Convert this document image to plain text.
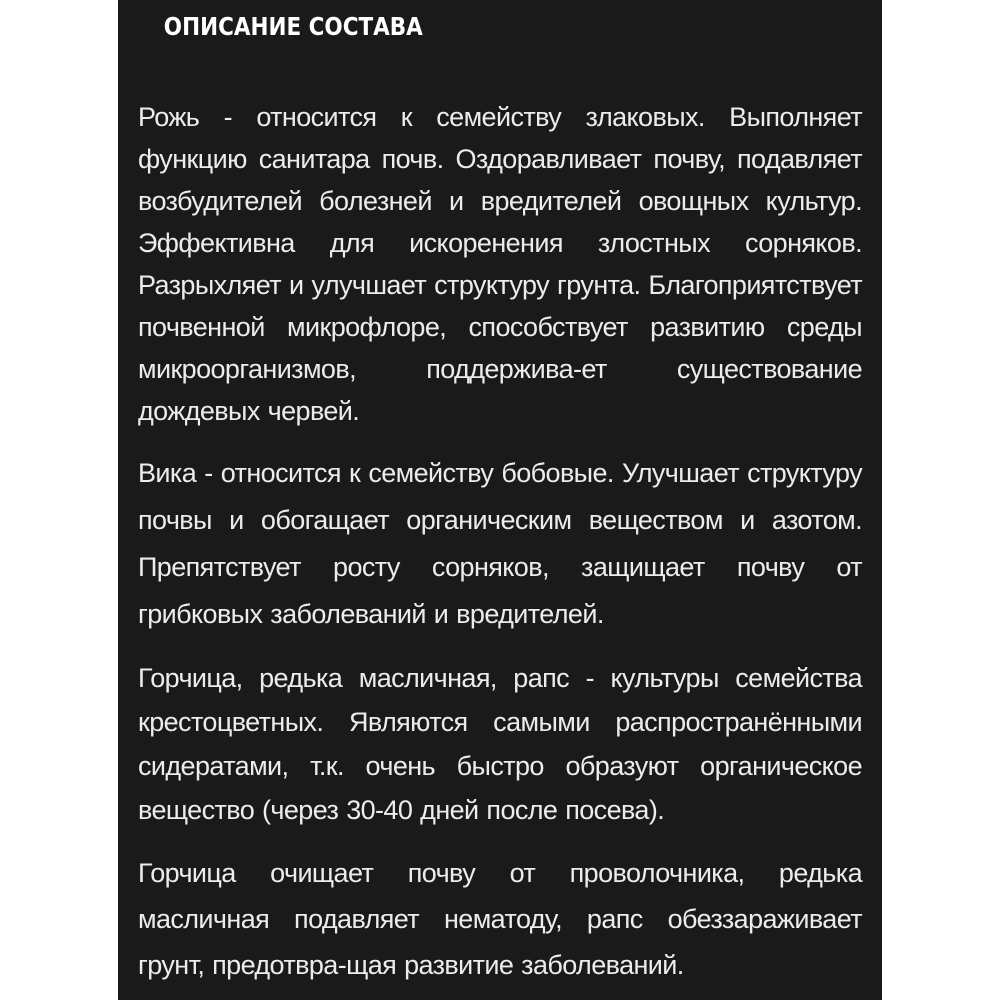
ОПИСАНИЕ СОСТАВА

Рожь - относится к семейству злаковых. Выполняет функцию санитара почв. Оздоравливает почву, подавляет возбудителей болезней и вредителей овощных культур. Эффективна для искоренения злостных сорняков. Разрыхляет и улучшает структуру грунта. Благоприятствует почвенной микрофлоре, способствует развитию среды микроорганизмов, поддержива-ет существование дождевых червей.

Вика - относится к семейству бобовые. Улучшает структуру почвы и обогащает органическим веществом и азотом. Препятствует росту сорняков, защищает почву от грибковых заболеваний и вредителей.

Горчица, редька масличная, рапс - культуры семейства крестоцветных. Являются самыми распространёнными сидератами, т.к. очень быстро образуют органическое вещество (через 30-40 дней после посева).

Горчица очищает почву от проволочника, редька масличная подавляет нематоду, рапс обеззараживает грунт, предотвра-щая развитие заболеваний.
